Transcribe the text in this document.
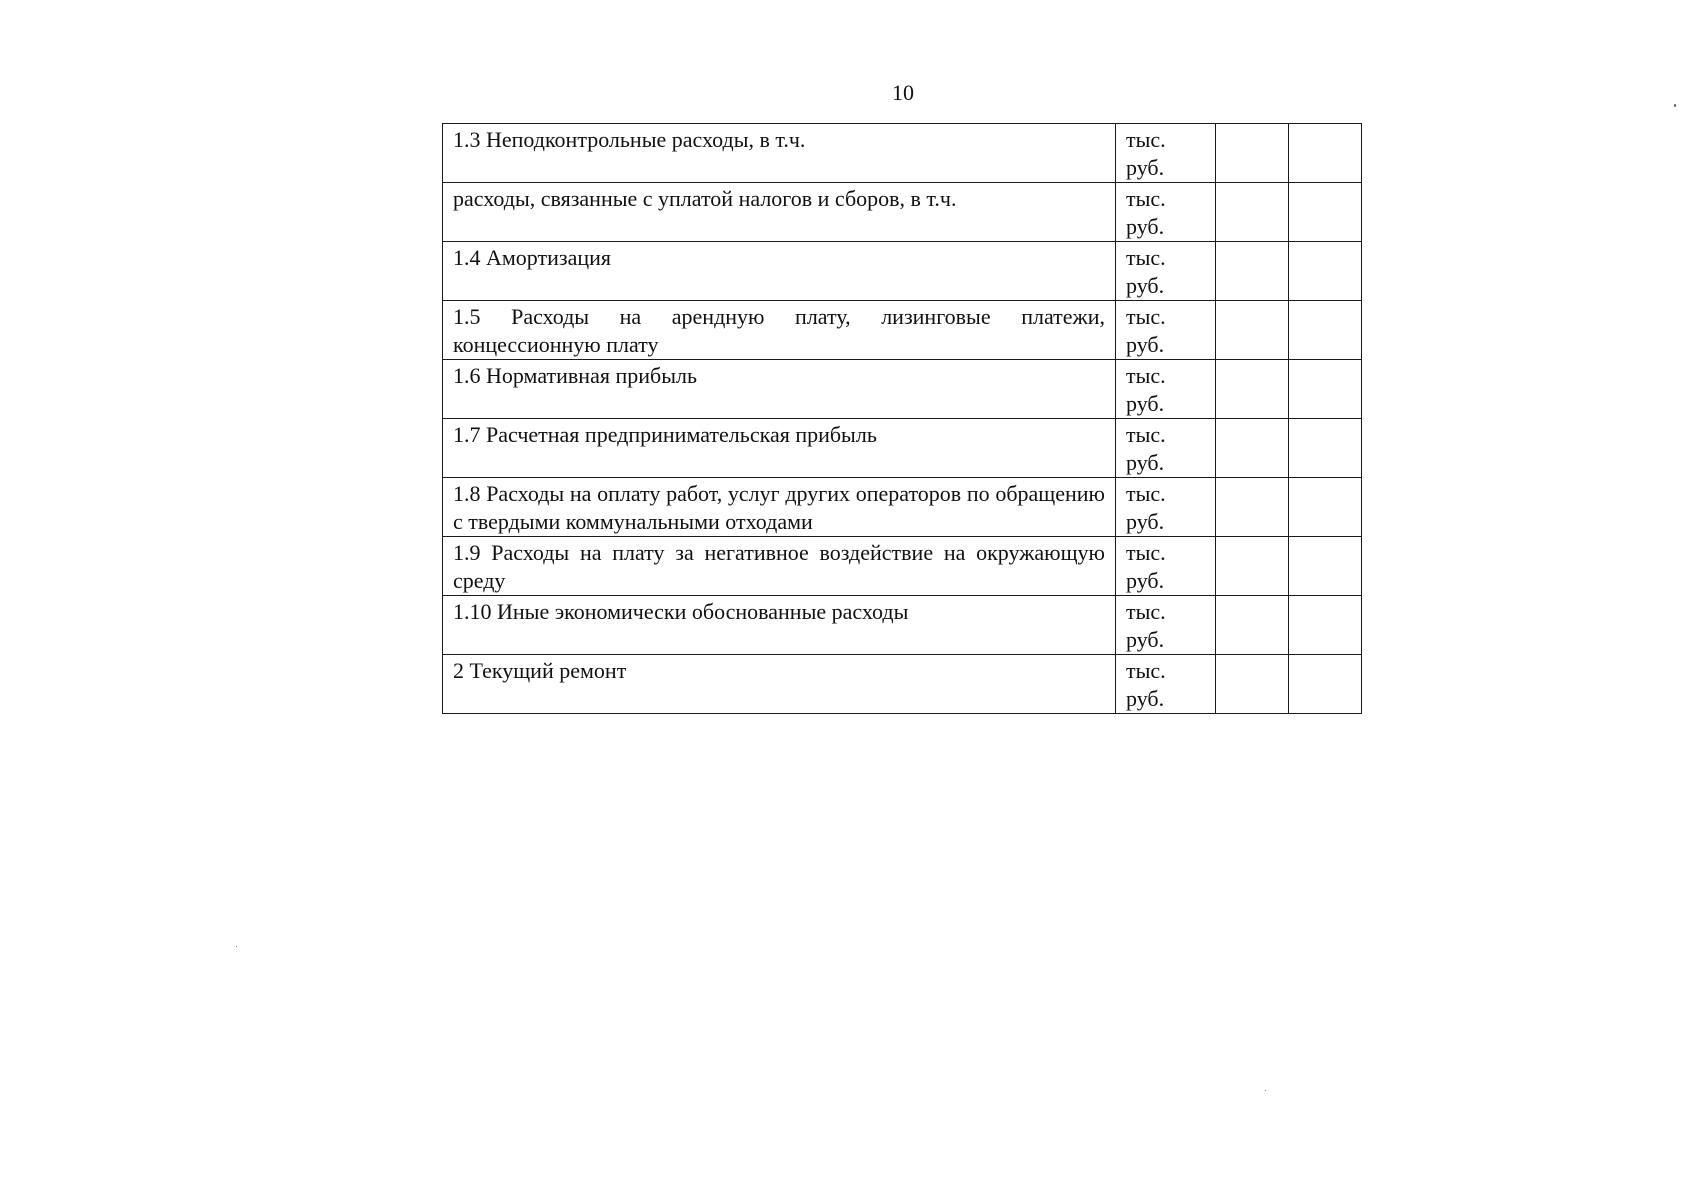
10
1.3 Неподконтрольные расходы, в т.ч.	тыс.
руб.		

расходы, связанные с уплатой налогов и сборов, в т.ч.	тыс.
руб.		

1.4 Амортизация	тыс.
руб.		

1.5 Расходы на арендную плату, лизинговые платежи, концессионную плату	тыс.
руб.		

1.6 Нормативная прибыль	тыс.
руб.		

1.7 Расчетная предпринимательская прибыль	тыс.
руб.		

1.8 Расходы на оплату работ, услуг других операторов по обращению с твердыми коммунальными отходами	тыс.
руб.		

1.9 Расходы на плату за негативное воздействие на окружающую среду	тыс.
руб.		

1.10 Иные экономически обоснованные расходы	тыс.
руб.		

2 Текущий ремонт	тыс.
руб.		
